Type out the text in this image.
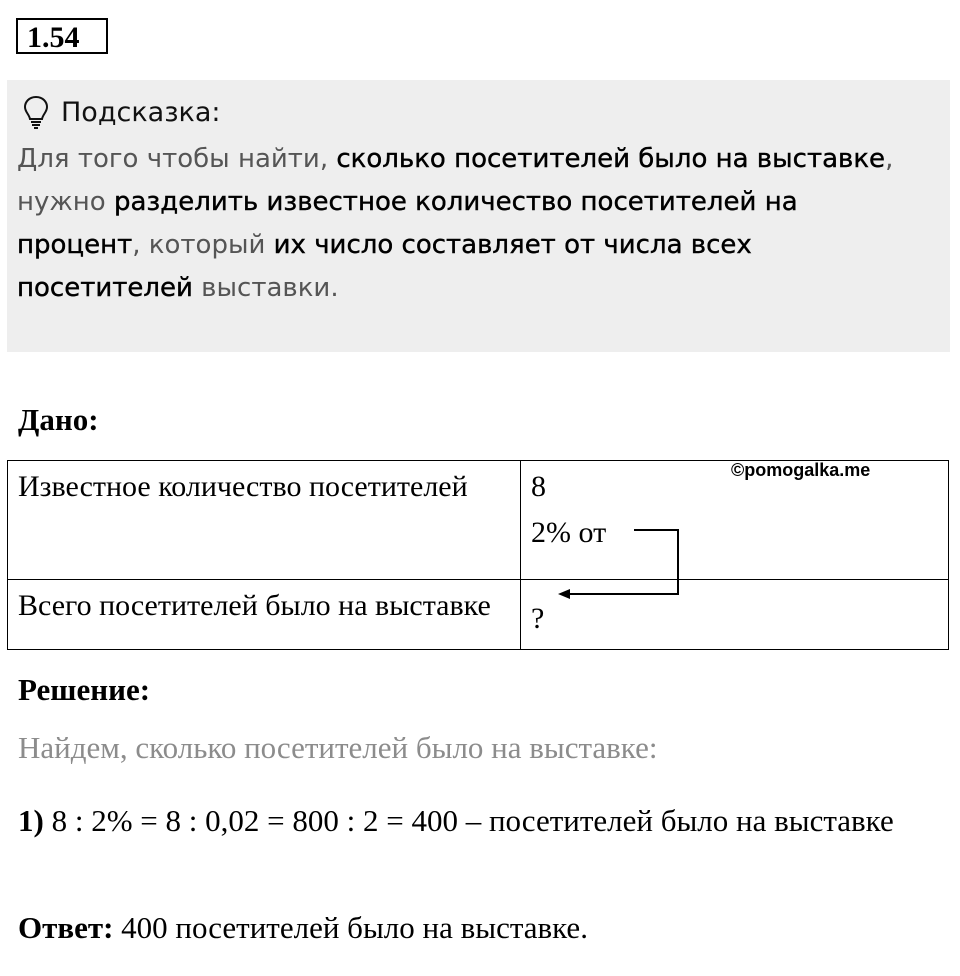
1.54
Подсказка:
Для того чтобы найти, сколько посетителей было на выставке, нужно разделить известное количество посетителей на процент, который их число составляет от числа всех посетителей выставки.
Дано:
Известное количество посетителей	8
2% от

Всего посетителей было на выставке	?
©pomogalka.me
Решение:
Найдем, сколько посетителей было на выставке:
1) 8 : 2% = 8 : 0,02 = 800 : 2 = 400 – посетителей было на выставке
Ответ: 400 посетителей было на выставке.
